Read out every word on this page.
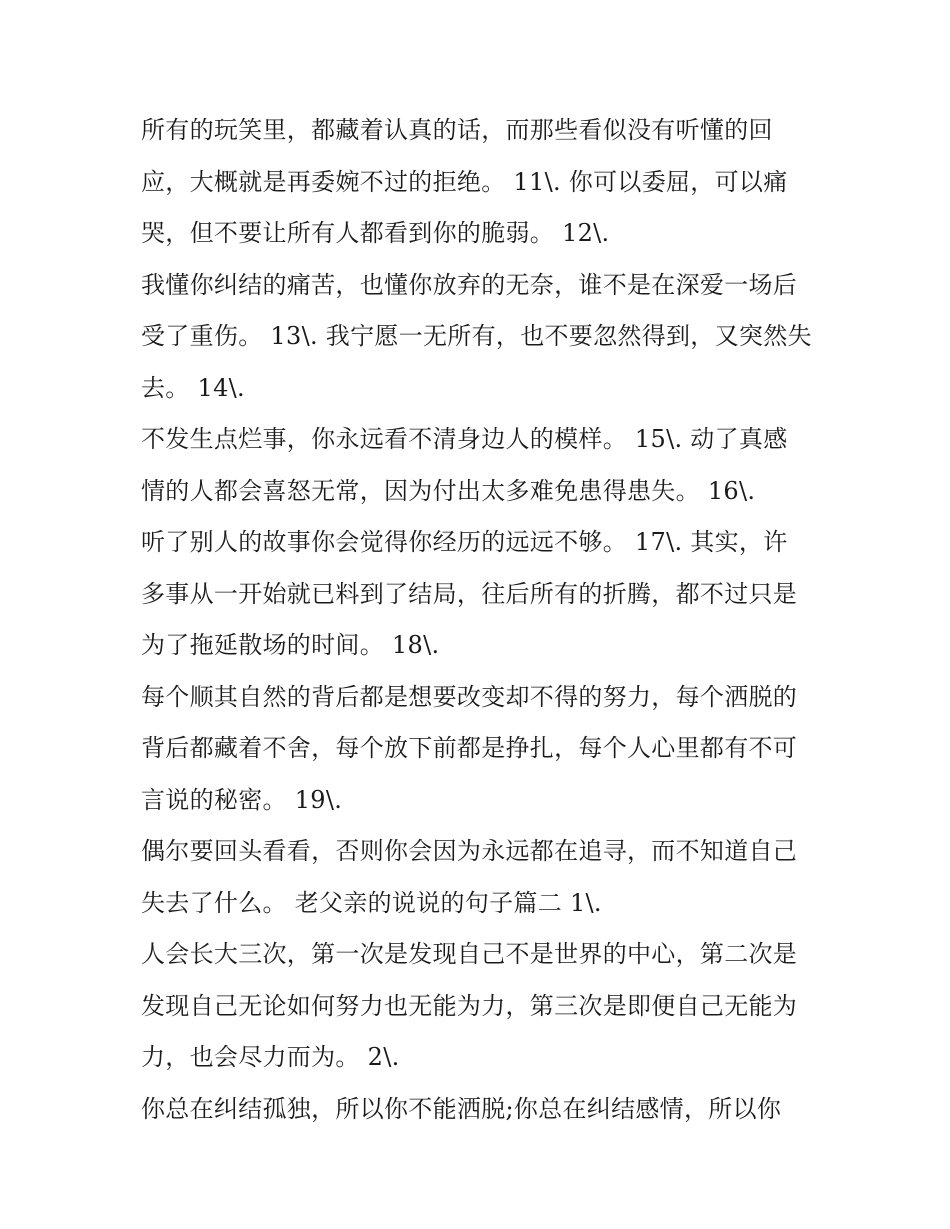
所有的玩笑里，都藏着认真的话，而那些看似没有听懂的回
应，大概就是再委婉不过的拒绝。 11\. 你可以委屈，可以痛
哭，但不要让所有人都看到你的脆弱。 12\.
我懂你纠结的痛苦，也懂你放弃的无奈，谁不是在深爱一场后
受了重伤。 13\. 我宁愿一无所有，也不要忽然得到，又突然失
去。 14\.
不发生点烂事，你永远看不清身边人的模样。 15\. 动了真感
情的人都会喜怒无常，因为付出太多难免患得患失。 16\.
听了别人的故事你会觉得你经历的远远不够。 17\. 其实，许
多事从一开始就已料到了结局，往后所有的折腾，都不过只是
为了拖延散场的时间。 18\.
每个顺其自然的背后都是想要改变却不得的努力，每个洒脱的
背后都藏着不舍，每个放下前都是挣扎，每个人心里都有不可
言说的秘密。 19\.
偶尔要回头看看，否则你会因为永远都在追寻，而不知道自己
失去了什么。 老父亲的说说的句子篇二 1\.
人会长大三次，第一次是发现自己不是世界的中心，第二次是
发现自己无论如何努力也无能为力，第三次是即便自己无能为
力，也会尽力而为。 2\.
你总在纠结孤独，所以你不能洒脱;你总在纠结感情，所以你
